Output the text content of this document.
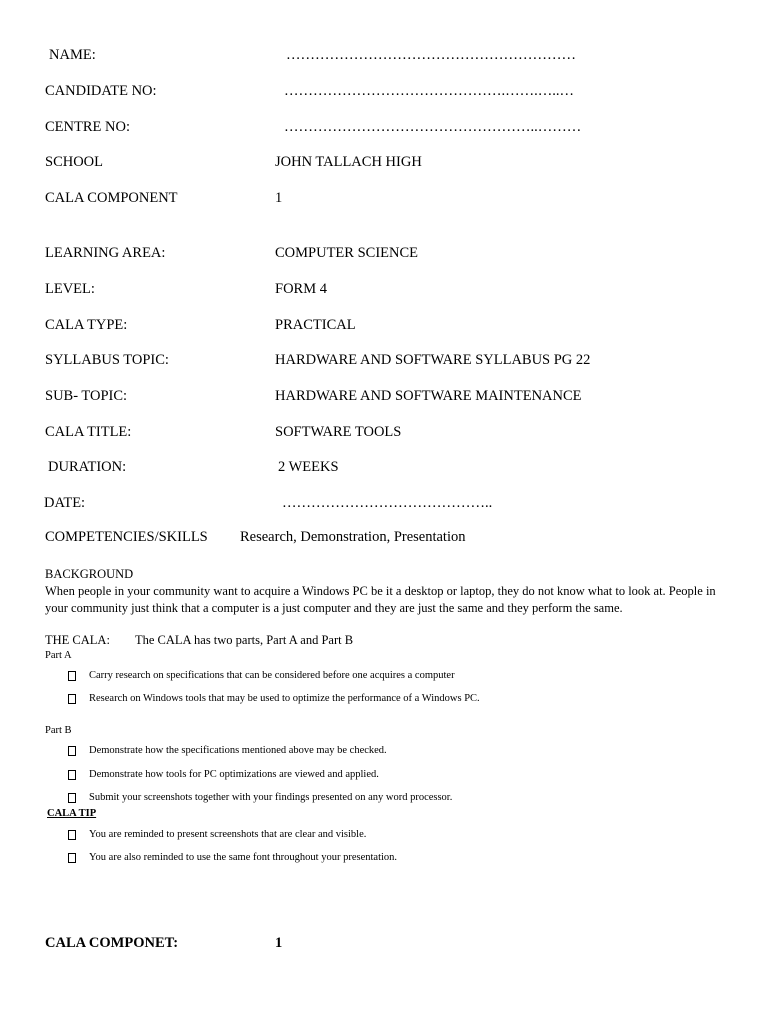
NAME:	……………………………………………………
CANDIDATE NO:	……………………………………….…….…..…
CENTRE NO:	……………………………………………..………
SCHOOL	JOHN TALLACH HIGH
CALA COMPONENT	1
LEARNING AREA:	COMPUTER SCIENCE
LEVEL:	FORM 4
CALA TYPE:	PRACTICAL
SYLLABUS TOPIC:	HARDWARE AND SOFTWARE SYLLABUS PG 22
SUB- TOPIC:	HARDWARE AND SOFTWARE MAINTENANCE
CALA TITLE:	SOFTWARE TOOLS
DURATION:	2 WEEKS
DATE:	……………………………………..
COMPETENCIES/SKILLS Research, Demonstration, Presentation
BACKGROUND
When people in your community want to acquire a Windows PC be it a desktop or laptop, they do not know what to look at. People in your community just think that a computer is a just computer and they are just the same and they perform the same.
THE CALA: The CALA has two parts, Part A and Part B
Part A
Carry research on specifications that can be considered before one acquires a computer
Research on Windows tools that may be used to optimize the performance of a Windows PC.
Part B
Demonstrate how the specifications mentioned above may be checked.
Demonstrate how tools for PC optimizations are viewed and applied.
Submit your screenshots together with your findings presented on any word processor.
CALA TIP
You are reminded to present screenshots that are clear and visible.
You are also reminded to use the same font throughout your presentation.
CALA COMPONET:	1
